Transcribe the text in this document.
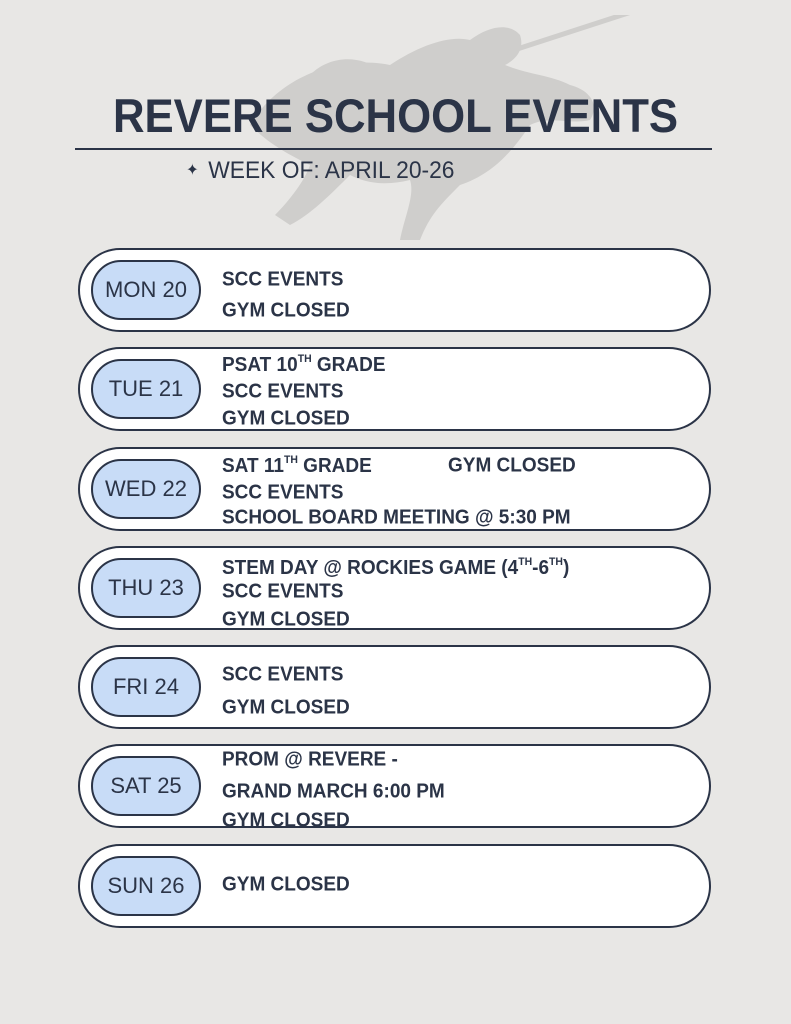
REVERE SCHOOL EVENTS
✦ WEEK OF: APRIL 20-26
MON 20	SCC EVENTS
GYM CLOSED
TUE 21
PSAT 10TH GRADE
SCC EVENTS
GYM CLOSED
WED 22
SAT 11TH GRADE	GYM CLOSED
SCC EVENTS
SCHOOL BOARD MEETING @ 5:30 PM
THU 23
STEM DAY @ ROCKIES GAME (4TH-6TH)
SCC EVENTS
GYM CLOSED
FRI 24	SCC EVENTS
GYM CLOSED
SAT 25
PROM @ REVERE -
GRAND MARCH 6:00 PM
GYM CLOSED
SUN 26	GYM CLOSED
